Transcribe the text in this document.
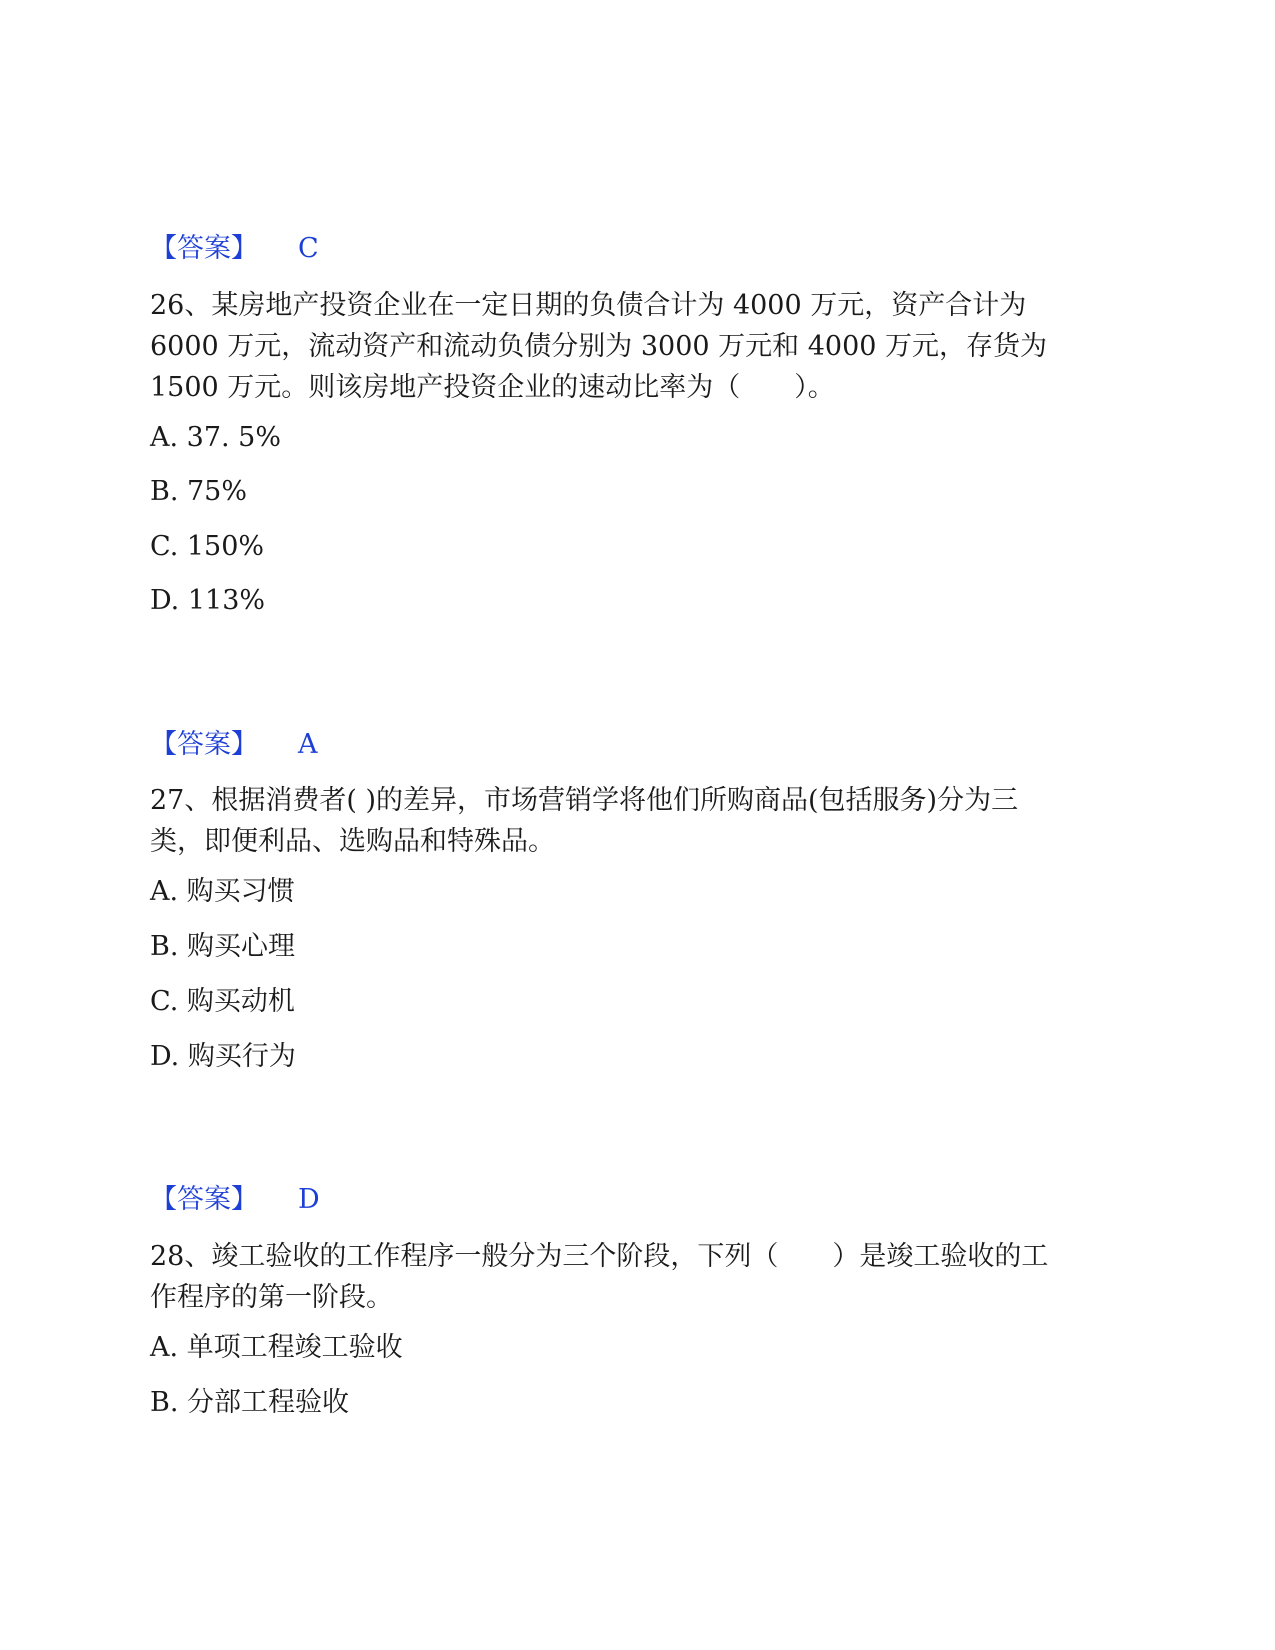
【答案】 C
26、某房地产投资企业在一定日期的负债合计为 4000 万元，资产合计为
6000 万元，流动资产和流动负债分别为 3000 万元和 4000 万元，存货为
1500 万元。则该房地产投资企业的速动比率为（　　）。
A. 37. 5%
B. 75%
C. 150%
D. 113%
【答案】 A
27、根据消费者( )的差异，市场营销学将他们所购商品(包括服务)分为三
类，即便利品、选购品和特殊品。
A. 购买习惯
B. 购买心理
C. 购买动机
D. 购买行为
【答案】 D
28、竣工验收的工作程序一般分为三个阶段，下列（　　）是竣工验收的工
作程序的第一阶段。
A. 单项工程竣工验收
B. 分部工程验收
